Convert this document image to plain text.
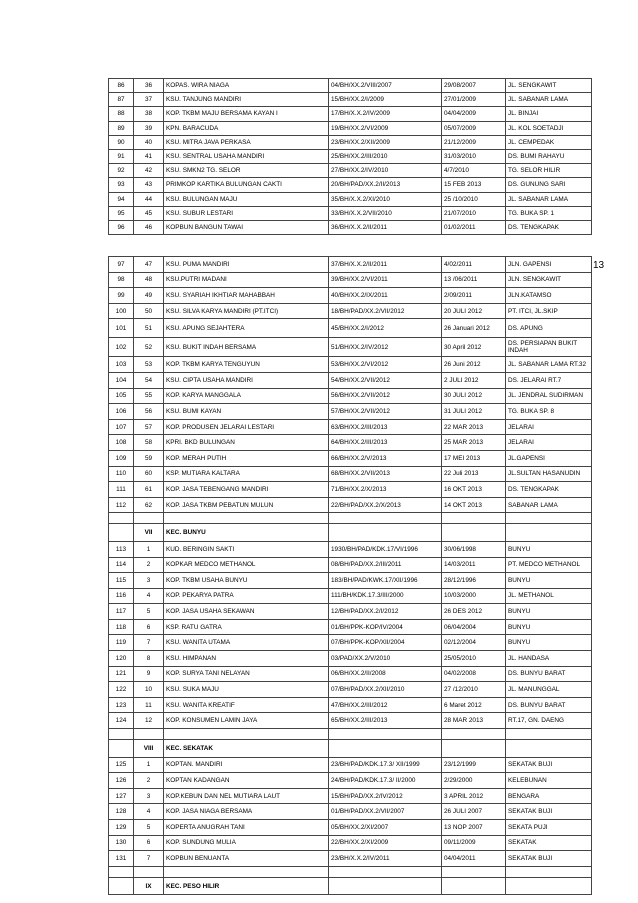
86	36	KOPAS. WIRA NIAGA	04/BH/XX.2/VIII/2007	29/08/2007	JL. SENGKAWIT
87	37	KSU. TANJUNG MANDIRI	15/BH/XX.2/I/2009	27/01/2009	JL. SABANAR LAMA
88	38	KOP. TKBM MAJU BERSAMA KAYAN I	17/BH/X.X.2/IV/2009	04/04/2009	JL. BINJAI
89	39	KPN. BARACUDA	19/BH/XX.2/VI/2009	05/07/2009	JL. KOL SOETADJI
90	40	KSU. MITRA JAVA PERKASA	23/BH/XX.2/XII/2009	21/12/2009	JL. CEMPEDAK
91	41	KSU. SENTRAL USAHA MANDIRI	25/BH/XX.2/III/2010	31/03/2010	DS. BUMI RAHAYU
92	42	KSU. SMKN2 TG. SELOR	27/BH/XX.2/IV/2010	4/7/2010	TG. SELOR HILIR
93	43	PRIMKOP KARTIKA BULUNGAN CAKTI	20/BH/PAD/XX.2/II/2013	15 FEB 2013	DS. GUNUNG SARI
94	44	KSU. BULUNGAN MAJU	35/BH/X.X.2/XI/2010	25 /10/2010	JL. SABANAR LAMA
95	45	KSU. SUBUR LESTARI	33/BH/X.X.2/VII/2010	21/07/2010	TG. BUKA SP. 1
96	46	KOPBUN BANGUN TAWAI	36/BH/X.X.2/II/2011	01/02/2011	DS. TENGKAPAK
97	47	KSU. PUMA MANDIRI	37/BH/X.X.2/II/2011	4/02/2011	JLN. GAPENSI
98	48	KSU.PUTRI MADANI	39/BH/XX.2/VI/2011	13 /06/2011	JLN. SENGKAWIT
99	49	KSU. SYARIAH IKHTIAR MAHABBAH	40/BH/XX.2/IX/2011	2/09/2011	JLN.KATAMSO
100	50	KSU. SILVA KARYA MANDIRI (PT.ITCI)	18/BH/PAD/XX.2/VII/2012	20 JULI 2012	PT. ITCI, JL.SKIP
101	51	KSU. APUNG SEJAHTERA	45/BH/XX.2/I/2012	26 Januari 2012	DS. APUNG
102	52	KSU. BUKIT INDAH BERSAMA	51/BH/XX.2/IV/2012	30 April 2012	DS. PERSIAPAN BUKIT INDAH
103	53	KOP. TKBM KARYA TENGUYUN	53/BH/XX.2/VI/2012	26 Juni 2012	JL. SABANAR LAMA RT.32
104	54	KSU. CIPTA USAHA MANDIRI	54/BH/XX.2/VII/2012	2 JULI 2012	DS. JELARAI RT.7
105	55	KOP. KARYA MANGGALA	56/BH/XX.2/VII/2012	30 JULI 2012	JL. JENDRAL SUDIRMAN
106	56	KSU. BUMI KAYAN	57/BH/XX.2/VII/2012	31 JULI 2012	TG. BUKA SP. 8
107	57	KOP. PRODUSEN JELARAI LESTARI	63/BH/XX.2/III/2013	22 MAR 2013	JELARAI
108	58	KPRI. BKD BULUNGAN	64/BH/XX.2/III/2013	25 MAR 2013	JELARAI
109	59	KOP. MERAH PUTIH	66/BH/XX.2/V/2013	17 MEI 2013	JL.GAPENSI
110	60	KSP. MUTIARA KALTARA	68/BH/XX.2/VII/2013	22 Juli 2013	JL.SULTAN HASANUDIN
111	61	KOP. JASA TEBENGANG MANDIRI	71/BH/XX.2/X/2013	16 OKT 2013	DS. TENGKAPAK
112	62	KOP. JASA TKBM PEBATUN MULUN	22/BH/PAD/XX.2/X/2013	14 OKT 2013	SABANAR LAMA

	VII	KEC. BUNYU			
113	1	KUD. BERINGIN SAKTI	1930/BH/PAD/KDK.17/VI/1996	30/06/1998	BUNYU
114	2	KOPKAR MEDCO METHANOL	08/BH/PAD/XX.2/III/2011	14/03/2011	PT. MEDCO METHANOL
115	3	KOP. TKBM USAHA BUNYU	183/BH/PAD/KWK.17/XII/1996	28/12/1996	BUNYU
116	4	KOP. PEKARYA PATRA	111/BH/KDK.17.3/III/2000	10/03/2000	JL. METHANOL
117	5	KOP. JASA USAHA SEKAWAN	12/BH/PAD/XX.2/I/2012	26 DES 2012	BUNYU
118	6	KSP. RATU GATRA	01/BH/PPK-KOP/IV/2004	06/04/2004	BUNYU
119	7	KSU. WANITA UTAMA	07/BH/PPK-KOP/XII/2004	02/12/2004	BUNYU
120	8	KSU. HIMPANAN	03/PAD/XX.2/V/2010	25/05/2010	JL. HANDASA
121	9	KOP. SURYA TANI NELAYAN	06/BH/XX.2/II/2008	04/02/2008	DS. BUNYU BARAT
122	10	KSU. SUKA MAJU	07/BH/PAD/XX.2/XII/2010	27 /12/2010	JL. MANUNGGAL
123	11	KSU. WANITA KREATIF	47/BH/XX.2/III/2012	6 Maret 2012	DS. BUNYU BARAT
124	12	KOP. KONSUMEN LAMIN JAYA	65/BH/XX.2/III/2013	28 MAR 2013	RT.17, GN. DAENG

	VIII	KEC. SEKATAK			
125	1	KOPTAN. MANDIRI	23/BH/PAD/KDK.17.3/ XII/1999	23/12/1999	SEKATAK BUJI
126	2	KOPTAN KADANGAN	24/BH/PAD/KDK.17.3/ II/2000	2/29/2000	KELEBUNAN
127	3	KOP.KEBUN DAN NEL MUTIARA LAUT	15/BH/PAD/XX.2/IV/2012	3 APRIL 2012	BENGARA
128	4	KOP. JASA NIAGA BERSAMA	01/BH/PAD/XX.2/VII/2007	26 JULI 2007	SEKATAK BUJI
129	5	KOPERTA ANUGRAH TANI	05/BH/XX.2/XI/2007	13 NOP 2007	SEKATA PUJI
130	6	KOP. SUNDUNG MULIA	22/BH/XX.2/XI/2009	09/11/2009	SEKATAK
131	7	KOPBUN BENUANTA	23/BH/X.X.2/IV/2011	04/04/2011	SEKATAK BUJI

	IX	KEC. PESO HILIR			
13
